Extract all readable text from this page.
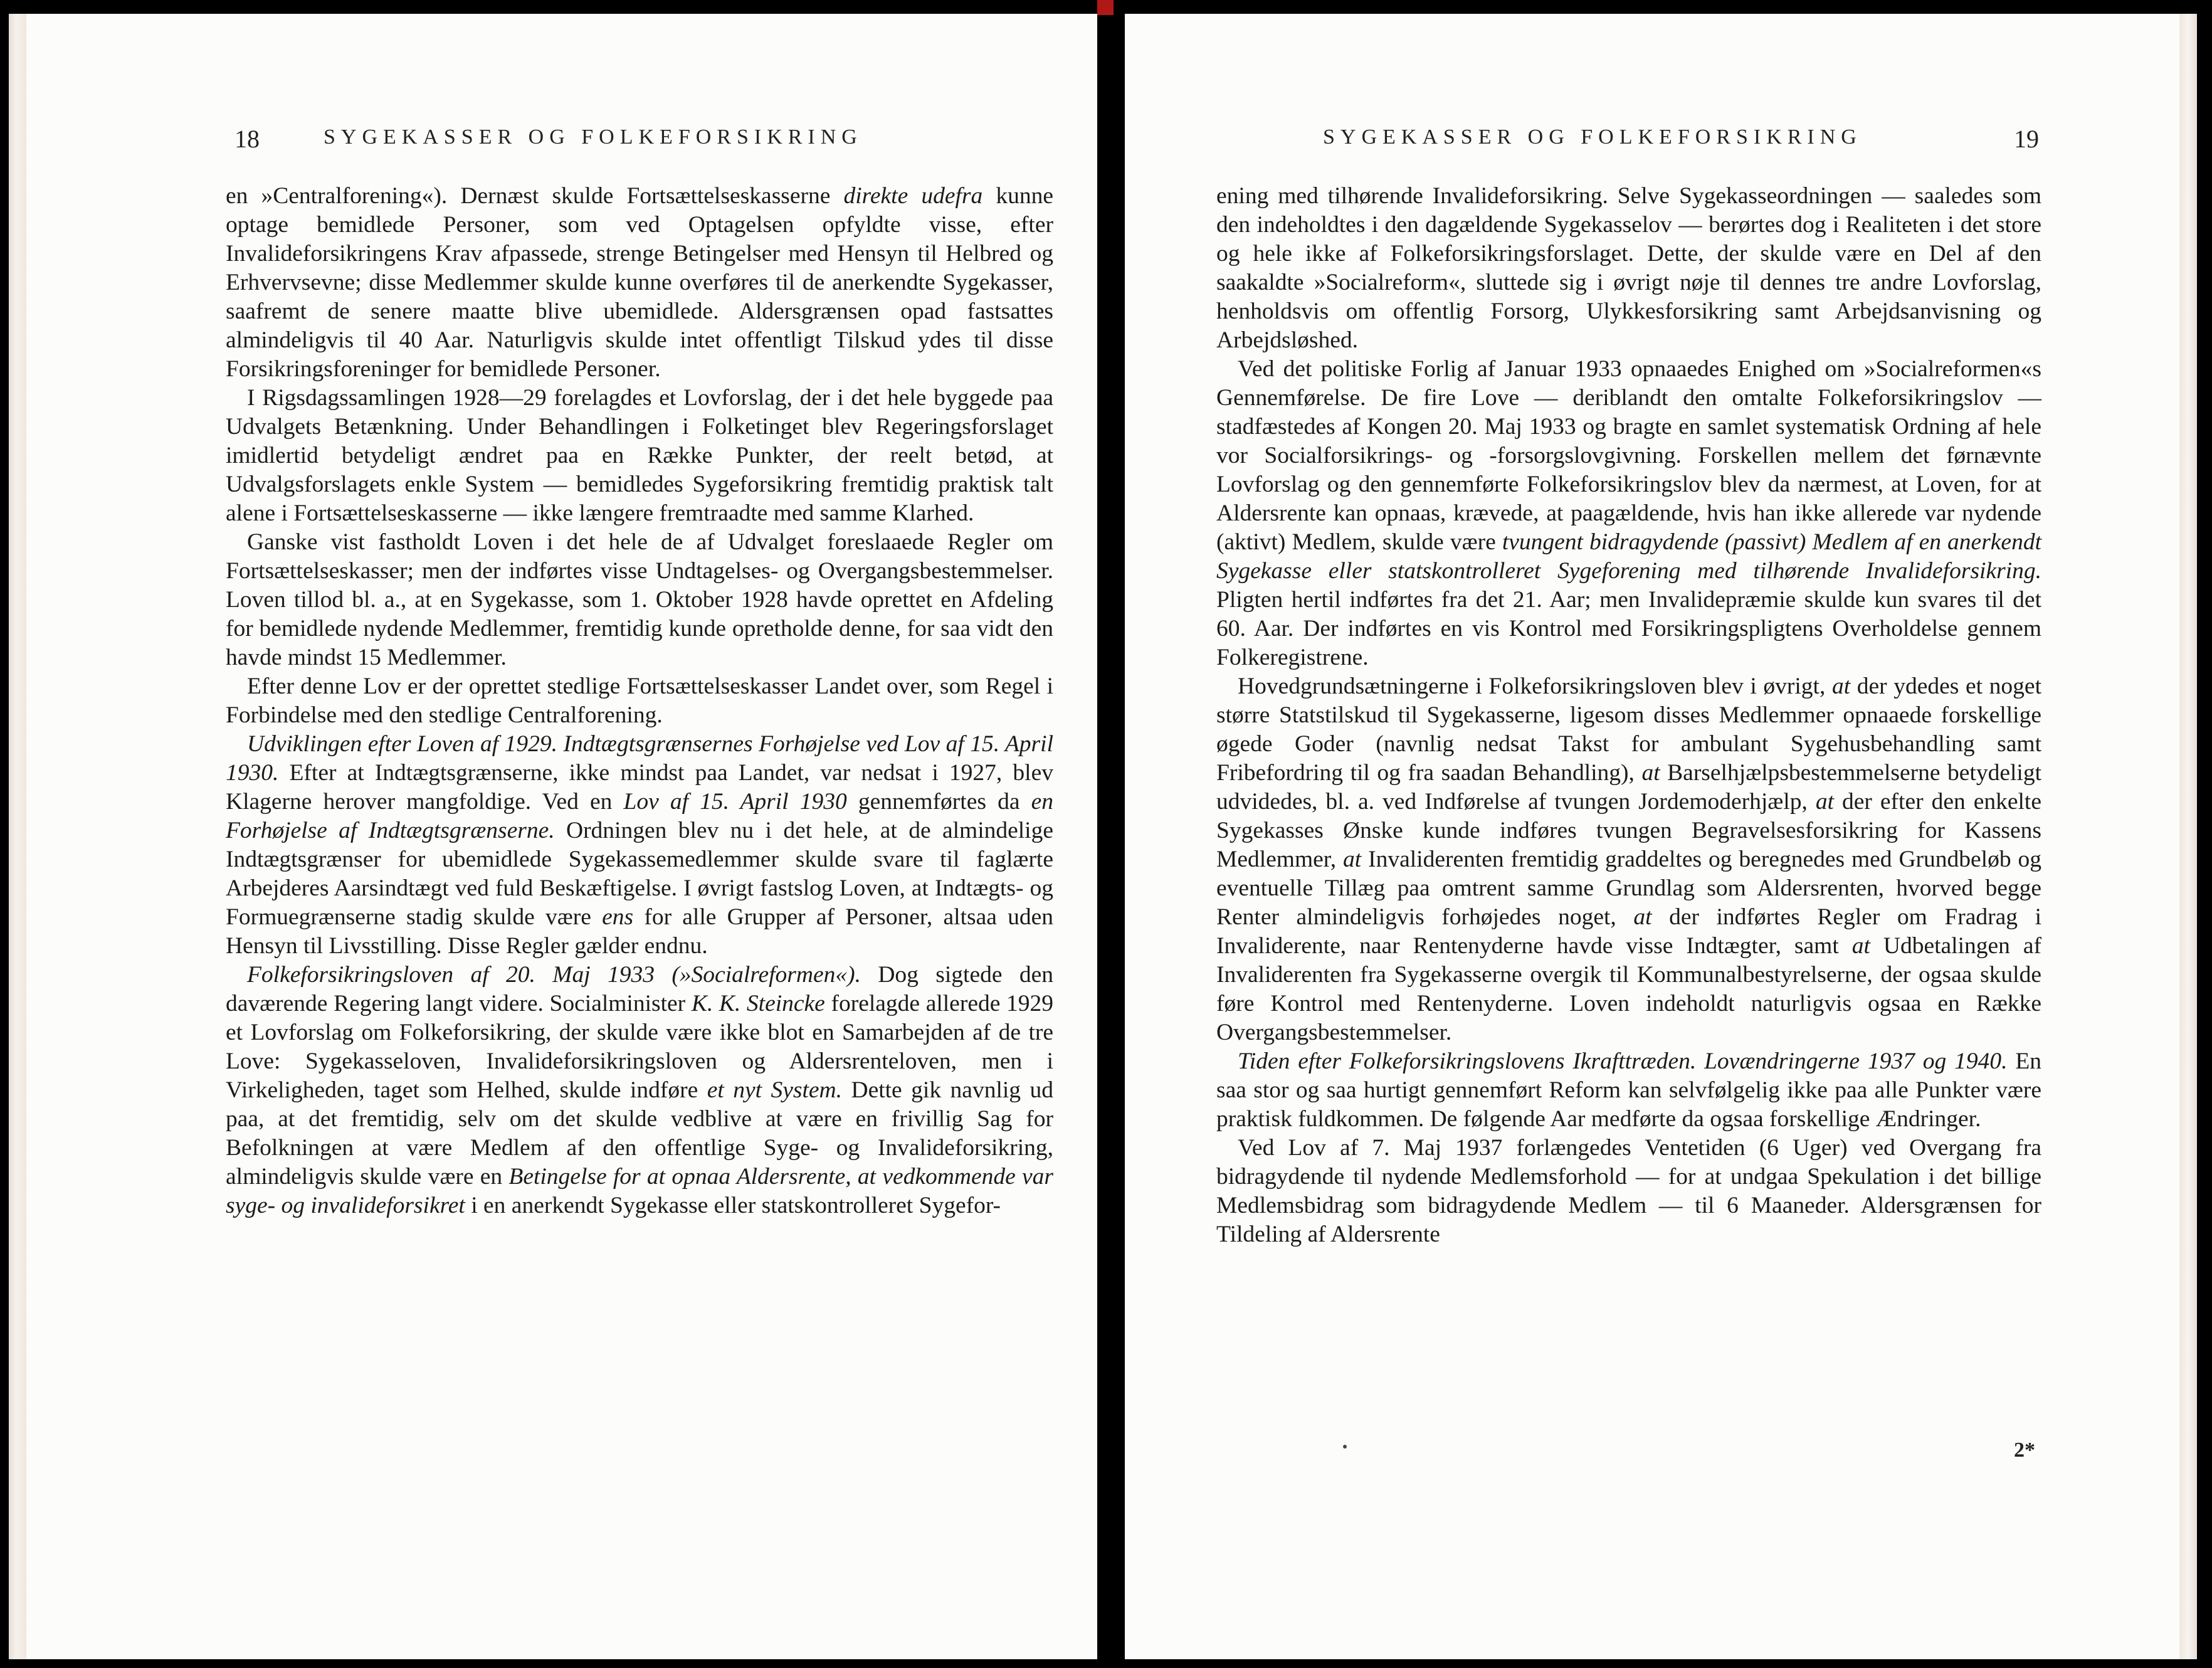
18	SYGEKASSER OG FOLKEFORSIKRING

en »Centralforening«). Dernæst skulde Fortsættelseskasserne direkte udefra kunne optage bemidlede Personer, som ved Optagelsen opfyldte visse, efter Invalideforsikringens Krav afpassede, strenge Betingelser med Hensyn til Helbred og Erhvervsevne; disse Medlemmer skulde kunne overføres til de anerkendte Sygekasser, saafremt de senere maatte blive ubemidlede. Aldersgrænsen opad fastsattes almindeligvis til 40 Aar. Naturligvis skulde intet offentligt Tilskud ydes til disse Forsikringsforeninger for bemidlede Personer.

I Rigsdagssamlingen 1928—29 forelagdes et Lovforslag, der i det hele byggede paa Udvalgets Betænkning. Under Behandlingen i Folketinget blev Regeringsforslaget imidlertid betydeligt ændret paa en Række Punkter, der reelt betød, at Udvalgsforslagets enkle System — bemidledes Sygeforsikring fremtidig praktisk talt alene i Fortsættelseskasserne — ikke længere fremtraadte med samme Klarhed.

Ganske vist fastholdt Loven i det hele de af Udvalget foreslaaede Regler om Fortsættelseskasser; men der indførtes visse Undtagelses- og Overgangsbestemmelser. Loven tillod bl. a., at en Sygekasse, som 1. Oktober 1928 havde oprettet en Afdeling for bemidlede nydende Medlemmer, fremtidig kunde opretholde denne, for saa vidt den havde mindst 15 Medlemmer.

Efter denne Lov er der oprettet stedlige Fortsættelseskasser Landet over, som Regel i Forbindelse med den stedlige Centralforening.

Udviklingen efter Loven af 1929. Indtægtsgrænsernes Forhøjelse ved Lov af 15. April 1930. Efter at Indtægtsgrænserne, ikke mindst paa Landet, var nedsat i 1927, blev Klagerne herover mangfoldige. Ved en Lov af 15. April 1930 gennemførtes da en Forhøjelse af Indtægtsgrænserne. Ordningen blev nu i det hele, at de almindelige Indtægtsgrænser for ubemidlede Sygekassemedlemmer skulde svare til faglærte Arbejderes Aarsindtægt ved fuld Beskæftigelse. I øvrigt fastslog Loven, at Indtægts- og Formuegrænserne stadig skulde være ens for alle Grupper af Personer, altsaa uden Hensyn til Livsstilling. Disse Regler gælder endnu.

Folkeforsikringsloven af 20. Maj 1933 (»Socialreformen«). Dog sigtede den daværende Regering langt videre. Socialminister K. K. Steincke forelagde allerede 1929 et Lovforslag om Folkeforsikring, der skulde være ikke blot en Samarbejden af de tre Love: Sygekasseloven, Invalideforsikringsloven og Aldersrenteloven, men i Virkeligheden, taget som Helhed, skulde indføre et nyt System. Dette gik navnlig ud paa, at det fremtidig, selv om det skulde vedblive at være en frivillig Sag for Befolkningen at være Medlem af den offentlige Syge- og Invalideforsikring, almindeligvis skulde være en Betingelse for at opnaa Aldersrente, at vedkommende var syge- og invalideforsikret i en anerkendt Sygekasse eller statskontrolleret Sygefor-

SYGEKASSER OG FOLKEFORSIKRING	19

ening med tilhørende Invalideforsikring. Selve Sygekasseordningen — saaledes som den indeholdtes i den dagældende Sygekasselov — berørtes dog i Realiteten i det store og hele ikke af Folkeforsikringsforslaget. Dette, der skulde være en Del af den saakaldte »Socialreform«, sluttede sig i øvrigt nøje til dennes tre andre Lovforslag, henholdsvis om offentlig Forsorg, Ulykkesforsikring samt Arbejdsanvisning og Arbejdsløshed.

Ved det politiske Forlig af Januar 1933 opnaaedes Enighed om »Socialreformen«s Gennemførelse. De fire Love — deriblandt den omtalte Folkeforsikringslov — stadfæstedes af Kongen 20. Maj 1933 og bragte en samlet systematisk Ordning af hele vor Socialforsikrings- og -forsorgslovgivning. Forskellen mellem det førnævnte Lovforslag og den gennemførte Folkeforsikringslov blev da nærmest, at Loven, for at Aldersrente kan opnaas, krævede, at paagældende, hvis han ikke allerede var nydende (aktivt) Medlem, skulde være tvungent bidragydende (passivt) Medlem af en anerkendt Sygekasse eller statskontrolleret Sygeforening med tilhørende Invalideforsikring. Pligten hertil indførtes fra det 21. Aar; men Invalidepræmie skulde kun svares til det 60. Aar. Der indførtes en vis Kontrol med Forsikringspligtens Overholdelse gennem Folkeregistrene.

Hovedgrundsætningerne i Folkeforsikringsloven blev i øvrigt, at der ydedes et noget større Statstilskud til Sygekasserne, ligesom disses Medlemmer opnaaede forskellige øgede Goder (navnlig nedsat Takst for ambulant Sygehusbehandling samt Fribefordring til og fra saadan Behandling), at Barselhjælpsbestemmelserne betydeligt udvidedes, bl. a. ved Indførelse af tvungen Jordemoderhjælp, at der efter den enkelte Sygekasses Ønske kunde indføres tvungen Begravelsesforsikring for Kassens Medlemmer, at Invaliderenten fremtidig graddeltes og beregnedes med Grundbeløb og eventuelle Tillæg paa omtrent samme Grundlag som Aldersrenten, hvorved begge Renter almindeligvis forhøjedes noget, at der indførtes Regler om Fradrag i Invaliderente, naar Rentenyderne havde visse Indtægter, samt at Udbetalingen af Invaliderenten fra Sygekasserne overgik til Kommunalbestyrelserne, der ogsaa skulde føre Kontrol med Rentenyderne. Loven indeholdt naturligvis ogsaa en Række Overgangsbestemmelser.

Tiden efter Folkeforsikringslovens Ikrafttræden. Lovændringerne 1937 og 1940. En saa stor og saa hurtigt gennemført Reform kan selvfølgelig ikke paa alle Punkter være praktisk fuldkommen. De følgende Aar medførte da ogsaa forskellige Ændringer.

Ved Lov af 7. Maj 1937 forlængedes Ventetiden (6 Uger) ved Overgang fra bidragydende til nydende Medlemsforhold — for at undgaa Spekulation i det billige Medlemsbidrag som bidragydende Medlem — til 6 Maaneder. Aldersgrænsen for Tildeling af Aldersrente

2*
